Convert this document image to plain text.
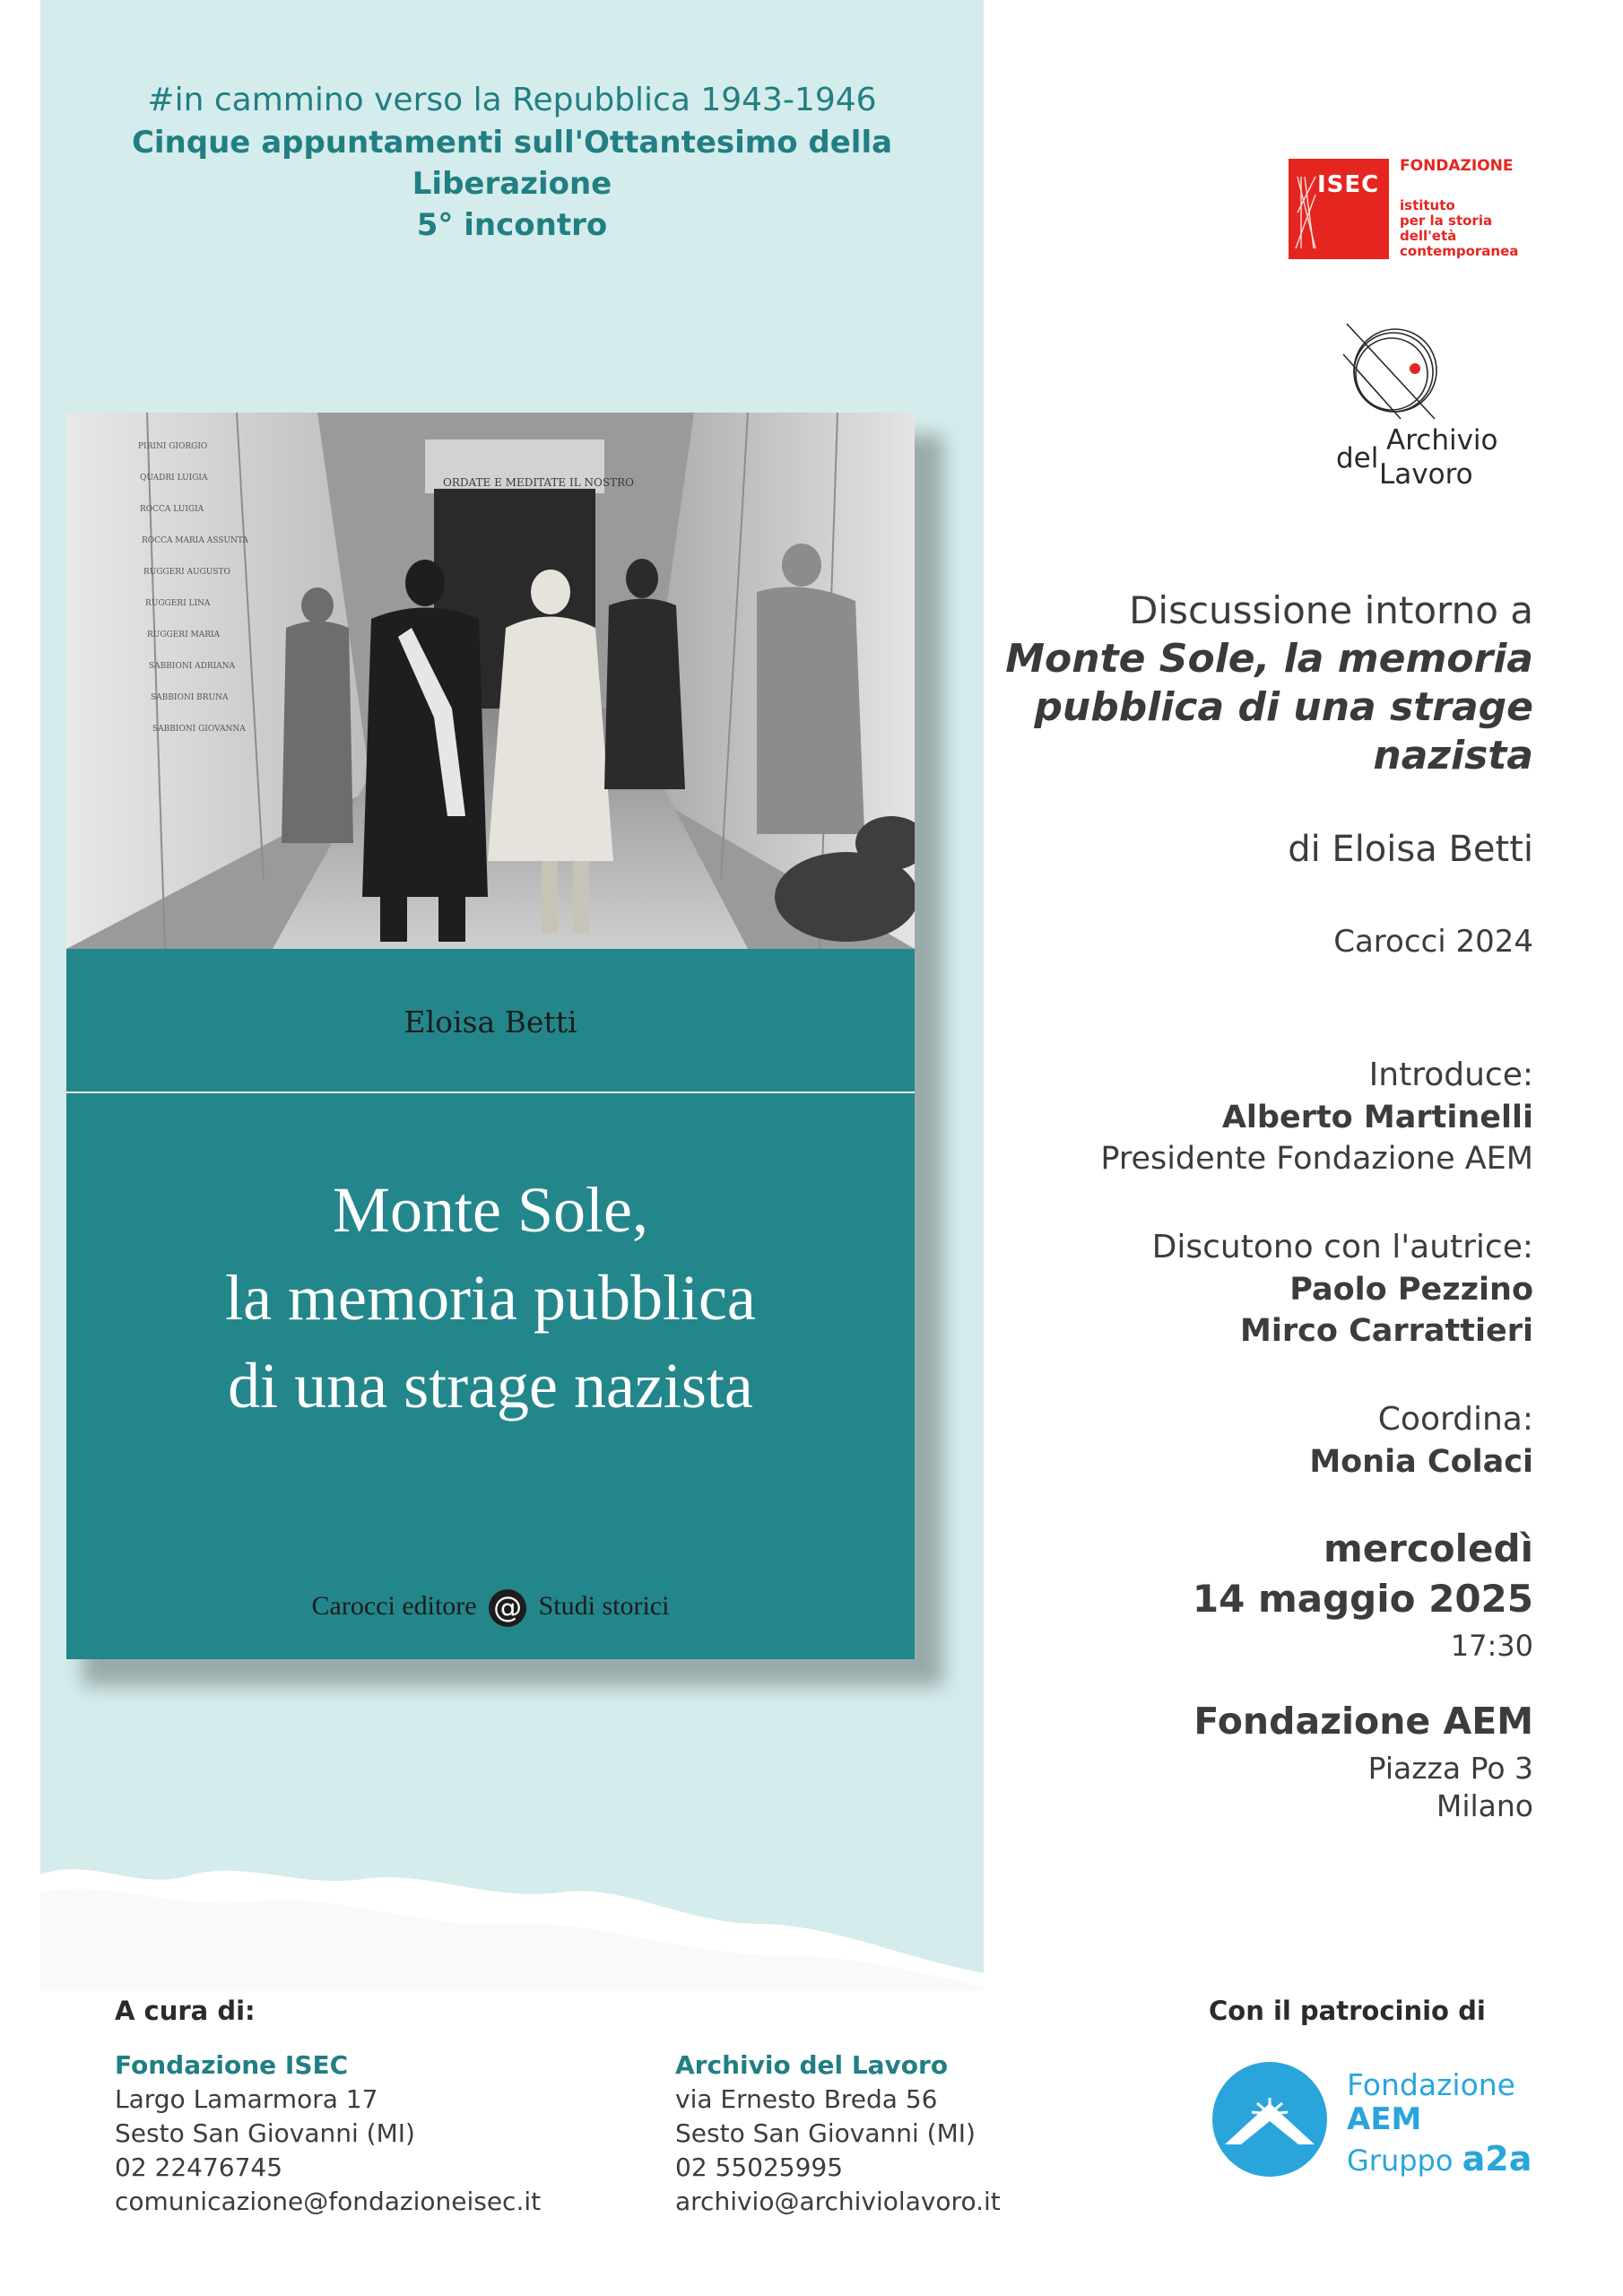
#in cammino verso la Repubblica 1943-1946
Cinque appuntamenti sull'Ottantesimo della
Liberazione
5° incontro
PIRINI GIORGIO
QUADRI LUIGIA
ROCCA LUIGIA
ROCCA MARIA ASSUNTA
RUGGERI AUGUSTO
RUGGERI LINA
RUGGERI MARIA
SABBIONI ADRIANA
SABBIONI BRUNA
SABBIONI GIOVANNA
ORDATE E MEDITATE IL NOSTRO
Eloisa Betti
Monte Sole,
la memoria pubblica
di una strage nazista
Carocci editore @ Studi storici
ISEC
FONDAZIONE
istituto
per la storia
dell'età
contemporanea
Archivio
del Lavoro
Discussione intorno a
Monte Sole, la memoria
pubblica di una strage
nazista
di Eloisa Betti
Carocci 2024
Introduce:
Alberto Martinelli
Presidente Fondazione AEM
Discutono con l'autrice:
Paolo Pezzino
Mirco Carrattieri
Coordina:
Monia Colaci
mercoledì
14 maggio 2025
17:30
Fondazione AEM
Piazza Po 3
Milano
A cura di:	Con il patrocinio di
Fondazione ISEC
Largo Lamarmora 17
Sesto San Giovanni (MI)
02 22476745
comunicazione@fondazioneisec.it
Archivio del Lavoro
via Ernesto Breda 56
Sesto San Giovanni (MI)
02 55025995
archivio@archiviolavoro.it
Fondazione
AEM
Gruppo a2a
